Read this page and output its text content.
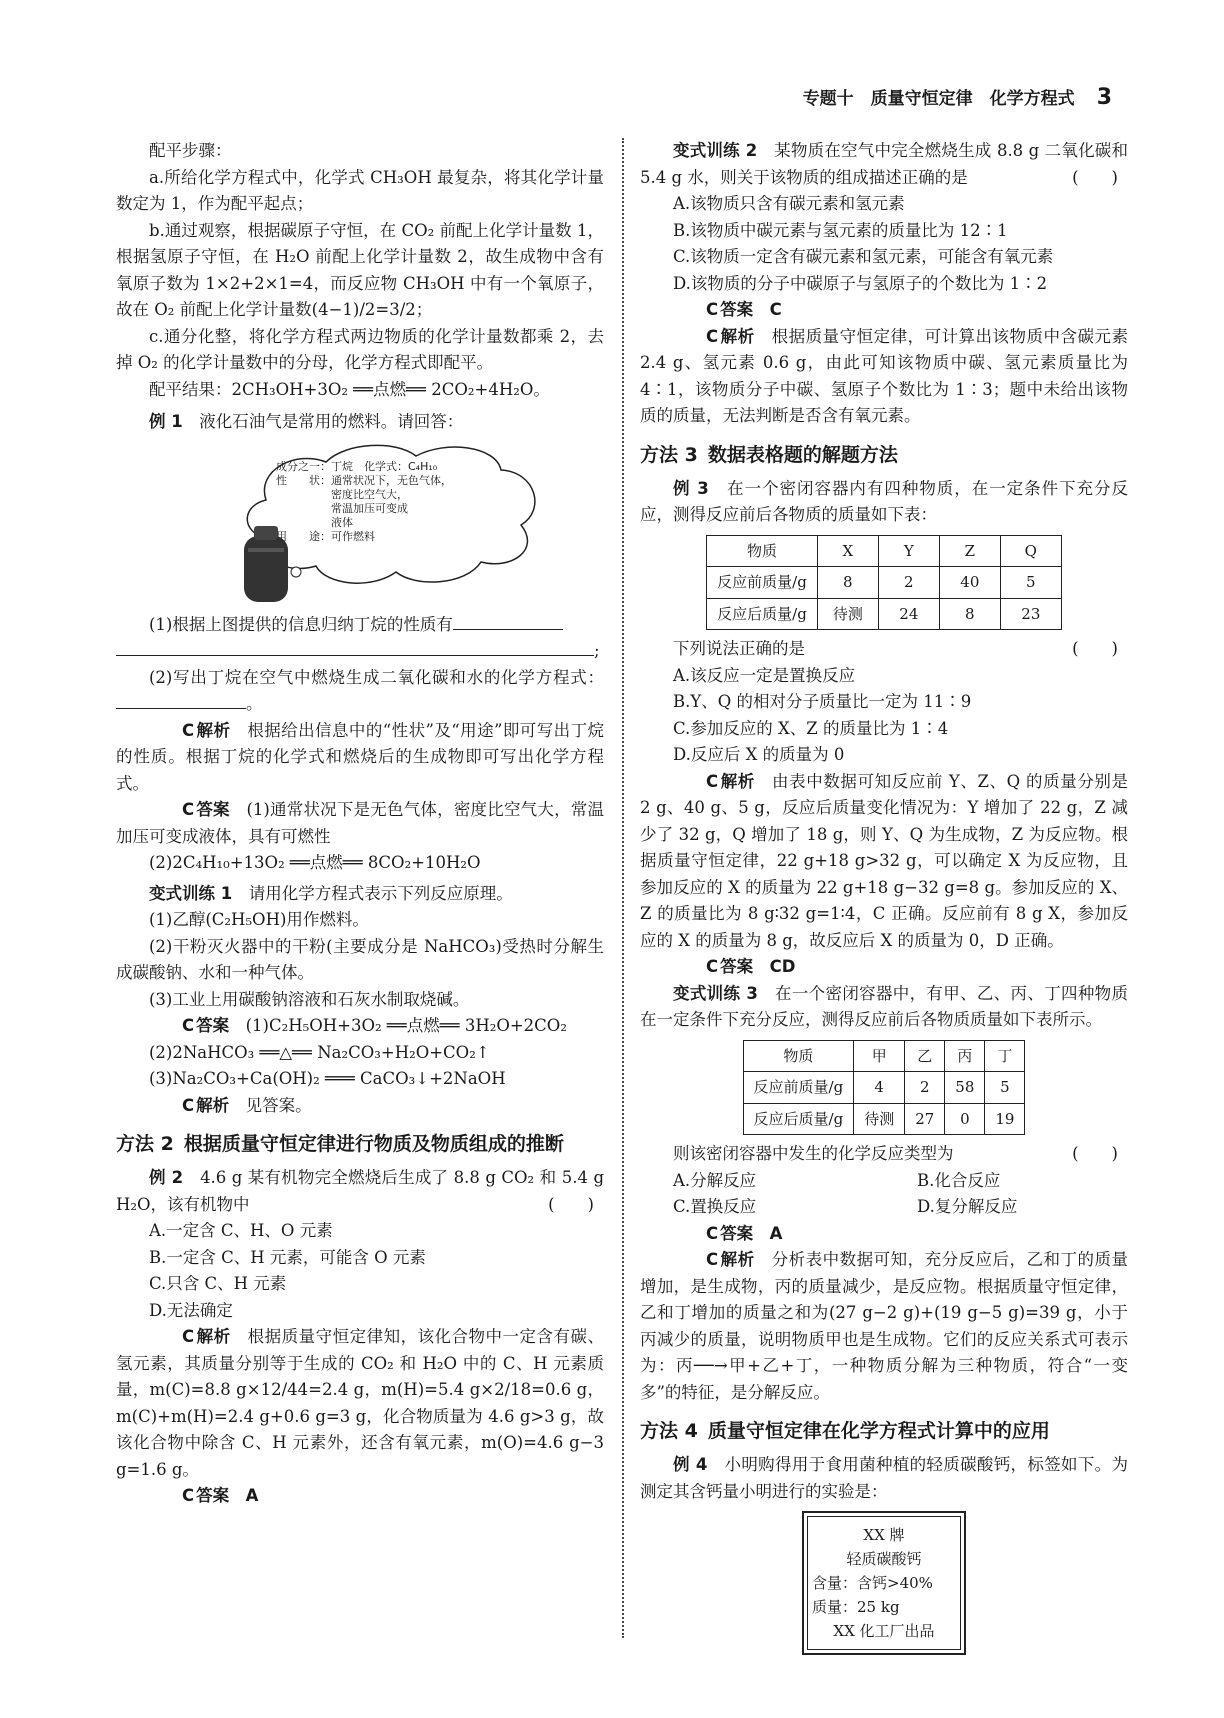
专题十　质量守恒定律　化学方程式 3

配平步骤：

a.所给化学方程式中，化学式 CH₃OH 最复杂，将其化学计量数定为 1，作为配平起点；

b.通过观察，根据碳原子守恒，在 CO₂ 前配上化学计量数 1，根据氢原子守恒，在 H₂O 前配上化学计量数 2，故生成物中含有氧原子数为 1×2+2×1=4，而反应物 CH₃OH 中有一个氧原子，故在 O₂ 前配上化学计量数(4−1)/2=3/2；

c.通分化整，将化学方程式两边物质的化学计量数都乘 2，去掉 O₂ 的化学计量数中的分母，化学方程式即配平。

配平结果：2CH₃OH+3O₂ ══点燃══ 2CO₂+4H₂O。

例 1　 液化石油气是常用的燃料。请回答：

成分之一：丁烷　化学式：C₄H₁₀
性　　状：通常状况下，无色气体，
　　　　　密度比空气大，
　　　　　常温加压可变成
　　　　　液体
用　　途：可作燃料

(1)根据上图提供的信息归纳丁烷的性质有

;

(2)写出丁烷在空气中燃烧生成二氧化碳和水的化学方程式：。

C 解析　 根据给出信息中的“性状”及“用途”即可写出丁烷的性质。根据丁烷的化学式和燃烧后的生成物即可写出化学方程式。

C 答案　 (1)通常状况下是无色气体，密度比空气大，常温加压可变成液体，具有可燃性

(2)2C₄H₁₀+13O₂ ══点燃══ 8CO₂+10H₂O

变式训练 1　 请用化学方程式表示下列反应原理。

(1)乙醇(C₂H₅OH)用作燃料。

(2)干粉灭火器中的干粉(主要成分是 NaHCO₃)受热时分解生成碳酸钠、水和一种气体。

(3)工业上用碳酸钠溶液和石灰水制取烧碱。

C 答案　 (1)C₂H₅OH+3O₂ ══点燃══ 3H₂O+2CO₂

(2)2NaHCO₃ ══△══ Na₂CO₃+H₂O+CO₂↑

(3)Na₂CO₃+Ca(OH)₂ ═══ CaCO₃↓+2NaOH

C 解析　 见答案。

方法 2 根据质量守恒定律进行物质及物质组成的推断

例 2　 4.6 g 某有机物完全燃烧后生成了 8.8 g CO₂ 和 5.4 g H₂O，该有机物中	(　　)

A.一定含 C、H、O 元素

B.一定含 C、H 元素，可能含 O 元素

C.只含 C、H 元素

D.无法确定

C 解析　 根据质量守恒定律知，该化合物中一定含有碳、氢元素，其质量分别等于生成的 CO₂ 和 H₂O 中的 C、H 元素质量，m(C)=8.8 g×12/44=2.4 g，m(H)=5.4 g×2/18=0.6 g，m(C)+m(H)=2.4 g+0.6 g=3 g，化合物质量为 4.6 g>3 g，故该化合物中除含 C、H 元素外，还含有氧元素，m(O)=4.6 g−3 g=1.6 g。

C 答案　 A

变式训练 2　 某物质在空气中完全燃烧生成 8.8 g 二氧化碳和 5.4 g 水，则关于该物质的组成描述正确的是	(　　)

A.该物质只含有碳元素和氢元素

B.该物质中碳元素与氢元素的质量比为 12∶1

C.该物质一定含有碳元素和氢元素，可能含有氧元素

D.该物质的分子中碳原子与氢原子的个数比为 1∶2

C 答案　 C

C 解析　 根据质量守恒定律，可计算出该物质中含碳元素 2.4 g、氢元素 0.6 g，由此可知该物质中碳、氢元素质量比为 4∶1，该物质分子中碳、氢原子个数比为 1∶3；题中未给出该物质的质量，无法判断是否含有氧元素。

方法 3 数据表格题的解题方法

例 3　 在一个密闭容器内有四种物质，在一定条件下充分反应，测得反应前后各物质的质量如下表：

物质	X	Y	Z	Q
反应前质量/g	8	2	40	5
反应后质量/g	待测	24	8	23

下列说法正确的是	(　　)

A.该反应一定是置换反应

B.Y、Q 的相对分子质量比一定为 11∶9

C.参加反应的 X、Z 的质量比为 1∶4

D.反应后 X 的质量为 0

C 解析　 由表中数据可知反应前 Y、Z、Q 的质量分别是 2 g、40 g、5 g，反应后质量变化情况为：Y 增加了 22 g，Z 减少了 32 g，Q 增加了 18 g，则 Y、Q 为生成物，Z 为反应物。根据质量守恒定律，22 g+18 g>32 g，可以确定 X 为反应物，且参加反应的 X 的质量为 22 g+18 g−32 g=8 g。参加反应的 X、Z 的质量比为 8 g∶32 g=1∶4，C 正确。反应前有 8 g X，参加反应的 X 的质量为 8 g，故反应后 X 的质量为 0，D 正确。

C 答案　 CD

变式训练 3　 在一个密闭容器中，有甲、乙、丙、丁四种物质在一定条件下充分反应，测得反应前后各物质质量如下表所示。

物质	甲	乙	丙	丁
反应前质量/g	4	2	58	5
反应后质量/g	待测	27	0	19

则该密闭容器中发生的化学反应类型为	(　　)

A.分解反应	B.化合反应
C.置换反应	D.复分解反应

C 答案　 A

C 解析　 分析表中数据可知，充分反应后，乙和丁的质量增加，是生成物，丙的质量减少，是反应物。根据质量守恒定律，乙和丁增加的质量之和为(27 g−2 g)+(19 g−5 g)=39 g，小于丙减少的质量，说明物质甲也是生成物。它们的反应关系式可表示为：丙──→甲+乙+丁，一种物质分解为三种物质，符合“一变多”的特征，是分解反应。

方法 4 质量守恒定律在化学方程式计算中的应用

例 4　 小明购得用于食用菌种植的轻质碳酸钙，标签如下。为测定其含钙量小明进行的实验是：

XX 牌
轻质碳酸钙
含量：含钙>40%
质量：25 kg
XX 化工厂出品
